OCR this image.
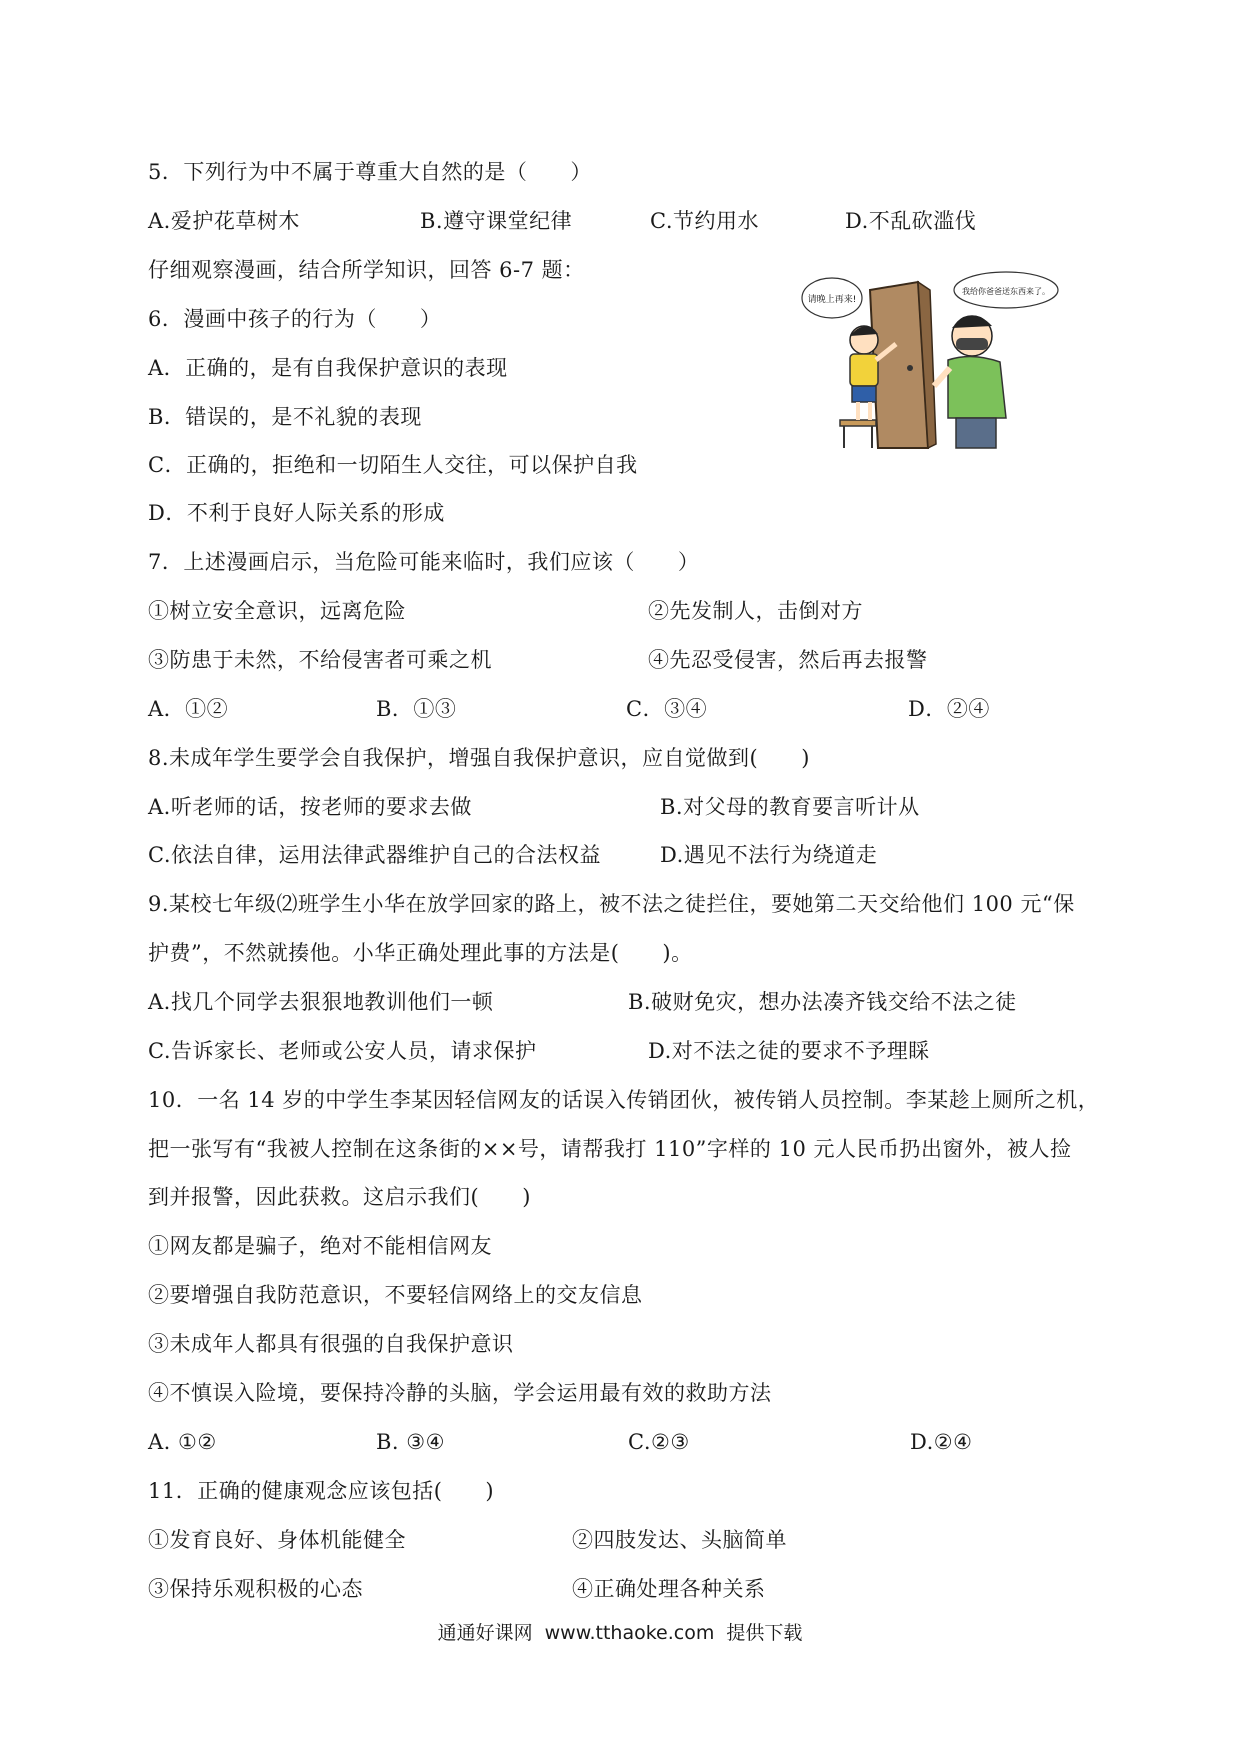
5．下列行为中不属于尊重大自然的是（　　）
A.爱护花草树木	B.遵守课堂纪律	C.节约用水	D.不乱砍滥伐
仔细观察漫画，结合所学知识，回答 6-7 题：
6．漫画中孩子的行为（　　）
A．正确的，是有自我保护意识的表现
B．错误的，是不礼貌的表现
C．正确的，拒绝和一切陌生人交往，可以保护自我
D．不利于良好人际关系的形成
请晚上再来!
我给你爸爸送东西来了。
7．上述漫画启示，当危险可能来临时，我们应该（　　）
①树立安全意识，远离危险	②先发制人，击倒对方
③防患于未然，不给侵害者可乘之机	④先忍受侵害，然后再去报警
A．①②	B．①③	C．③④	D．②④
8.未成年学生要学会自我保护，增强自我保护意识，应自觉做到(　　)
A.听老师的话，按老师的要求去做	B.对父母的教育要言听计从
C.依法自律，运用法律武器维护自己的合法权益	D.遇见不法行为绕道走
9.某校七年级⑵班学生小华在放学回家的路上，被不法之徒拦住，要她第二天交给他们 100 元“保
护费”，不然就揍他。小华正确处理此事的方法是(　　)。
A.找几个同学去狠狠地教训他们一顿	B.破财免灾，想办法凑齐钱交给不法之徒
C.告诉家长、老师或公安人员，请求保护	D.对不法之徒的要求不予理睬
10．一名 14 岁的中学生李某因轻信网友的话误入传销团伙，被传销人员控制。李某趁上厕所之机，
把一张写有“我被人控制在这条街的××号，请帮我打 110”字样的 10 元人民币扔出窗外，被人捡
到并报警，因此获救。这启示我们(　　)
①网友都是骗子，绝对不能相信网友
②要增强自我防范意识，不要轻信网络上的交友信息
③未成年人都具有很强的自我保护意识
④不慎误入险境，要保持冷静的头脑，学会运用最有效的救助方法
A. ①②	B. ③④	C.②③	D.②④
11．正确的健康观念应该包括(　　)
①发育良好、身体机能健全	②四肢发达、头脑简单
③保持乐观积极的心态	④正确处理各种关系
通通好课网 www.tthaoke.com 提供下载
